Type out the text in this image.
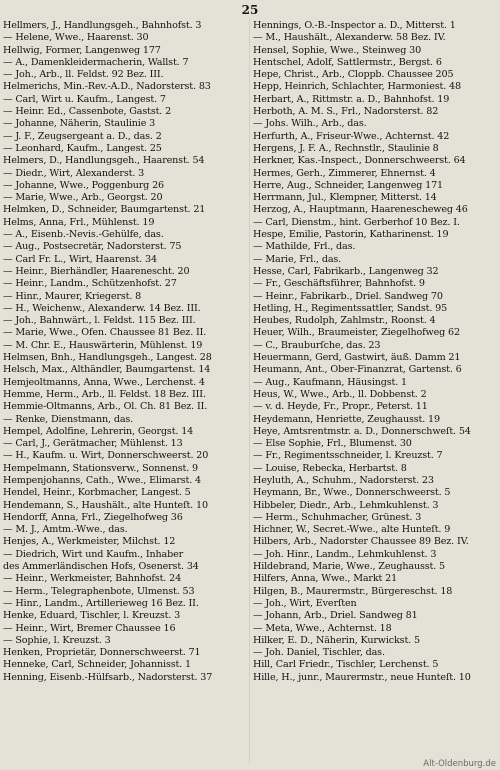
25
Hellmers, J., Handlungsgeh., Bahnhofst. 3
— Helene, Wwe., Haarenst. 30
Hellwig, Former, Langenweg 177
— A., Damenkleidermacherin, Wallst. 7
— Joh., Arb., ll. Feldst. 92 Bez. III.
Helmerichs, Min.-Rev.-A.D., Nadorsterst. 83
— Carl, Wirt u. Kaufm., Langest. 7
— Heinr. Ed., Cassenbote, Gastst. 2
— Johanne, Näherin, Staulinie 3
— J. F., Zeugsergeant a. D., das. 2
— Leonhard, Kaufm., Langest. 25
Helmers, D., Handlungsgeh., Haarenst. 54
— Diedr., Wirt, Alexanderst. 3
— Johanne, Wwe., Poggenburg 26
— Marie, Wwe., Arb., Georgst. 20
Helmken, D., Schneider, Baumgartenst. 21
Helms, Anna, Frl., Mühlenst. 19
— A., Eisenb.-Nevis.-Gehülfe, das.
— Aug., Postsecretär, Nadorsterst. 75
— Carl Fr. L., Wirt, Haarenst. 34
— Heinr., Bierhändler, Haarenescht. 20
— Heinr., Landm., Schützenhofst. 27
— Hinr., Maurer, Kriegerst. 8
— H., Weichenw., Alexanderw. 14 Bez. III.
— Joh., Bahnwärt., l. Feldst. 115 Bez. III.
— Marie, Wwe., Ofen. Chaussee 81 Bez. II.
— M. Chr. E., Hauswärterin, Mühlenst. 19
Helmsen, Bnh., Handlungsgeh., Langest. 28
Helsch, Max., Althändler, Baumgartenst. 14
Hemjeoltmanns, Anna, Wwe., Lerchenst. 4
Hemme, Herm., Arb., ll. Feldst. 18 Bez. III.
Hemmie-Oltmanns, Arb., Ol. Ch. 81 Bez. II.
— Renke, Dienstmann, das.
Hempel, Adolfine, Lehrerin, Georgst. 14
— Carl, J., Gerätmacher, Mühlenst. 13
— H., Kaufm. u. Wirt, Donnerschweerst. 20
Hempelmann, Stationsverw., Sonnenst. 9
Hempenjohanns, Cath., Wwe., Elimarst. 4
Hendel, Heinr., Korbmacher, Langest. 5
Hendemann, S., Haushält., alte Hunteſt. 10
Hendorff, Anna, Frl., Ziegelhofweg 36
— M. J., Amtm.-Wwe., das.
Henjes, A., Werkmeister, Milchst. 12
— Diedrich, Wirt und Kaufm., Inhaber
des Ammerländischen Hofs, Osenerst. 34
— Heinr., Werkmeister, Bahnhofst. 24
— Herm., Telegraphenbote, Ulmenst. 53
— Hinr., Landm., Artillerieweg 16 Bez. II.
Henke, Eduard, Tischler, l. Kreuzst. 3
— Heinr., Wirt, Bremer Chaussee 16
— Sophie, l. Kreuzst. 3
Henken, Proprietär, Donnerschweerst. 71
Henneke, Carl, Schneider, Johannisst. 1
Henning, Eisenb.-Hülfsarb., Nadorsterst. 37
Hennings, O.-B.-Inspector a. D., Mitterst. 1
— M., Haushält., Alexanderw. 58 Bez. IV.
Hensel, Sophie, Wwe., Steinweg 30
Hentschel, Adolf, Sattlermstr., Bergst. 6
Hepe, Christ., Arb., Cloppb. Chaussee 205
Hepp, Heinrich, Schlachter, Harmoniest. 48
Herbart, A., Rittmstr. a. D., Bahnhofst. 19
Herboth, A. M. S., Frl., Nadorsterst. 82
— Johs. Wilh., Arb., das.
Herfurth, A., Friseur-Wwe., Achternst. 42
Hergens, J. F. A., Rechnstlr., Staulinie 8
Herkner, Kas.-Inspect., Donnerschweerst. 64
Hermes, Gerh., Zimmerer, Ehnernst. 4
Herre, Aug., Schneider, Langenweg 171
Herrmann, Jul., Klempner, Mitterst. 14
Herzog, A., Hauptmann, Haarenescheweg 46
— Carl, Dienstm., hint. Gerberhof 10 Bez. I.
Hespe, Emilie, Pastorin, Katharinenst. 19
— Mathilde, Frl., das.
— Marie, Frl., das.
Hesse, Carl, Fabrikarb., Langenweg 32
— Fr., Geschäftsführer, Bahnhofst. 9
— Heinr., Fabrikarb., Driel. Sandweg 70
Hetling, H., Regimentssattler, Sandst. 95
Heubes, Rudolph, Zahlmstr., Roonst. 4
Heuer, Wilh., Braumeister, Ziegelhofweg 62
— C., Brauburſche, das. 23
Heuermann, Gerd, Gastwirt, äuß. Damm 21
Heumann, Ant., Ober-Finanzrat, Gartenst. 6
— Aug., Kaufmann, Häusingst. 1
Heus, W., Wwe., Arb., ll. Dobbenst. 2
— v. d. Heyde, Fr., Propr., Peterst. 11
Heydemann, Henriette, Zeughausst. 19
Heye, Amtsrentmstr. a. D., Donnerschweſt. 54
— Else Sophie, Frl., Blumenst. 30
— Fr., Regimentsschneider, l. Kreuzst. 7
— Louise, Rebecka, Herbartst. 8
Heyluth, A., Schuhm., Nadorsterst. 23
Heymann, Br., Wwe., Donnerschweerst. 5
Hibbeler, Diedr., Arb., Lehmkuhlenst. 3
— Herm., Schuhmacher, Grünest. 3
Hichner, W., Secret.-Wwe., alte Hunteſt. 9
Hilbers, Arb., Nadorster Chaussee 89 Bez. IV.
— Joh. Hinr., Landm., Lehmkuhlenst. 3
Hildebrand, Marie, Wwe., Zeughausst. 5
Hilfers, Anna, Wwe., Markt 21
Hilgen, B., Maurermstr., Bürgereschst. 18
— Joh., Wirt, Everſten
— Johann, Arb., Driel. Sandweg 81
— Meta, Wwe., Achternst. 18
Hilker, E. D., Näherin, Kurwickst. 5
— Joh. Daniel, Tischler, das.
Hill, Carl Friedr., Tischler, Lerchenst. 5
Hille, H., junr., Maurermstr., neue Hunteſt. 10
Alt-Oldenburg.de
